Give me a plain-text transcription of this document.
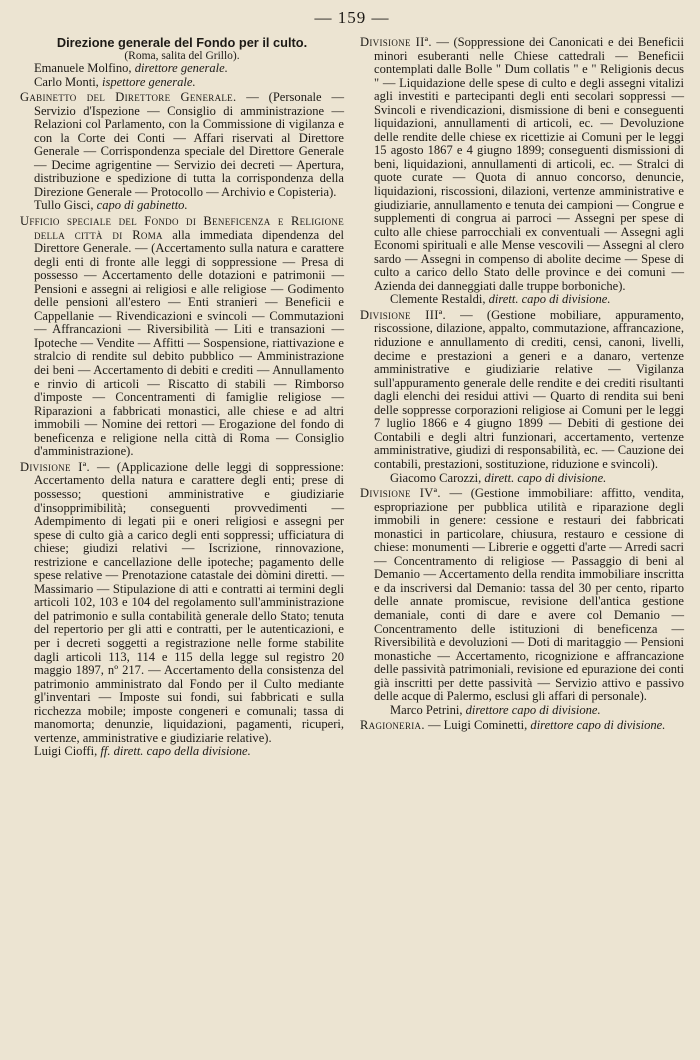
— 159 —
Direzione generale del Fondo per il culto.
(Roma, salita del Grillo).

Emanuele Molfino, direttore generale.

Carlo Monti, ispettore generale.

Gabinetto del Direttore Generale. — (Personale — Servizio d'Ispezione — Consiglio di amministrazione — Relazioni col Parlamento, con la Commissione di vigilanza e con la Corte dei Conti — Affari riservati al Direttore Generale — Corrispondenza speciale del Direttore Generale — Decime agrigentine — Servizio dei decreti — Apertura, distribuzione e spedizione di tutta la corrispondenza della Direzione Generale — Protocollo — Archivio e Copisteria).

Tullo Gisci, capo di gabinetto.

Ufficio speciale del Fondo di Beneficenza e Religione della città di Roma alla immediata dipendenza del Direttore Generale. — (Accertamento sulla natura e carattere degli enti di fronte alle leggi di soppressione — Presa di possesso — Accertamento delle dotazioni e patrimonii — Pensioni e assegni ai religiosi e alle religiose — Godimento delle pensioni all'estero — Enti stranieri — Beneficii e Cappellanie — Rivendicazioni e svincoli — Commutazioni — Affrancazioni — Riversibilità — Liti e transazioni — Ipoteche — Vendite — Affitti — Sospensione, riattivazione e stralcio di rendite sul debito pubblico — Amministrazione dei beni — Accertamento di debiti e crediti — Annullamento e rinvio di articoli — Riscatto di stabili — Rimborso d'imposte — Concentramenti di famiglie religiose — Riparazioni a fabbricati monastici, alle chiese e ad altri immobili — Nomine dei rettori — Erogazione del fondo di beneficenza e religione nella città di Roma — Consiglio d'amministrazione).

Divisione Iª. — (Applicazione delle leggi di soppressione: Accertamento della natura e carattere degli enti; prese di possesso; questioni amministrative e giudiziarie d'insopprimibilità; conseguenti provvedimenti — Adempimento di legati pii e oneri religiosi e assegni per spese di culto già a carico degli enti soppressi; ufficiatura di chiese; giudizi relativi — Iscrizione, rinnovazione, restrizione e cancellazione delle ipoteche; pagamento delle spese relative — Prenotazione catastale dei dòmini diretti. — Massimario — Stipulazione di atti e contratti ai termini degli articoli 102, 103 e 104 del regolamento sull'amministrazione del patrimonio e sulla contabilità generale dello Stato; tenuta del repertorio per gli atti e contratti, per le autenticazioni, e per i decreti soggetti a registrazione nelle forme stabilite dagli articoli 113, 114 e 115 della legge sul registro 20 maggio 1897, nº 217. — Accertamento della consistenza del patrimonio amministrato dal Fondo per il Culto mediante gl'inventari — Imposte sui fondi, sui fabbricati e sulla ricchezza mobile; imposte congeneri e comunali; tassa di manomorta; denunzie, liquidazioni, pagamenti, ricuperi, vertenze, amministrative e giudiziarie relative).

Luigi Cioffi, ff. dirett. capo della divisione.

Divisione IIª. — (Soppressione dei Canonicati e dei Beneficii minori esuberanti nelle Chiese cattedrali — Beneficii contemplati dalle Bolle " Dum collatis " e " Religionis decus " — Liquidazione delle spese di culto e degli assegni vitalizi agli investiti e partecipanti degli enti secolari soppressi — Svincoli e rivendicazioni, dismissione di beni e conseguenti liquidazioni, annullamenti di articoli, ec. — Devoluzione delle rendite delle chiese ex ricettizie ai Comuni per le leggi 15 agosto 1867 e 4 giugno 1899; conseguenti dismissioni di beni, liquidazioni, annullamenti di articoli, ec. — Stralci di quote curate — Quota di annuo concorso, denuncie, liquidazioni, riscossioni, dilazioni, vertenze amministrative e giudiziarie, annullamento e tenuta dei campioni — Congrue e supplementi di congrua ai parroci — Assegni per spese di culto alle chiese parrocchiali ex conventuali — Assegni agli Economi spirituali e alle Mense vescovili — Assegni al clero sardo — Assegni in compenso di abolite decime — Spese di culto a carico dello Stato delle province e dei comuni — Azienda dei danneggiati dalle truppe borboniche).

Clemente Restaldi, dirett. capo di divisione.

Divisione IIIª. — (Gestione mobiliare, appuramento, riscossione, dilazione, appalto, commutazione, affrancazione, riduzione e annullamento di crediti, censi, canoni, livelli, decime e prestazioni a generi e a danaro, vertenze amministrative e giudiziarie relative — Vigilanza sull'appuramento generale delle rendite e dei crediti risultanti dagli elenchi dei residui attivi — Quarto di rendita sui beni delle soppresse corporazioni religiose ai Comuni per le leggi 7 luglio 1866 e 4 giugno 1899 — Debiti di gestione dei Contabili e degli altri funzionari, accertamento, vertenze amministrative, giudizi di responsabilità, ec. — Cauzione dei contabili, prestazioni, sostituzione, riduzione e svincoli).

Giacomo Carozzi, dirett. capo di divisione.

Divisione IVª. — (Gestione immobiliare: affitto, vendita, espropriazione per pubblica utilità e riparazione degli immobili in genere: cessione e restauri dei fabbricati monastici in particolare, chiusura, restauro e cessione di chiese: monumenti — Librerie e oggetti d'arte — Arredi sacri — Concentramento di religiose — Passaggio di beni al Demanio — Accertamento della rendita immobiliare inscritta e da inscriversi dal Demanio: tassa del 30 per cento, riparto delle annate promiscue, revisione dell'antica gestione demaniale, conti di dare e avere col Demanio — Concentramento delle istituzioni di beneficenza — Riversibilità e devoluzioni — Doti di maritaggio — Pensioni monastiche — Accertamento, ricognizione e affrancazione delle passività patrimoniali, revisione ed epurazione dei conti già inscritti per dette passività — Servizio attivo e passivo delle acque di Palermo, esclusi gli affari di personale).

Marco Petrini, direttore capo di divisione.

Ragioneria. — Luigi Cominetti, direttore capo di divisione.
